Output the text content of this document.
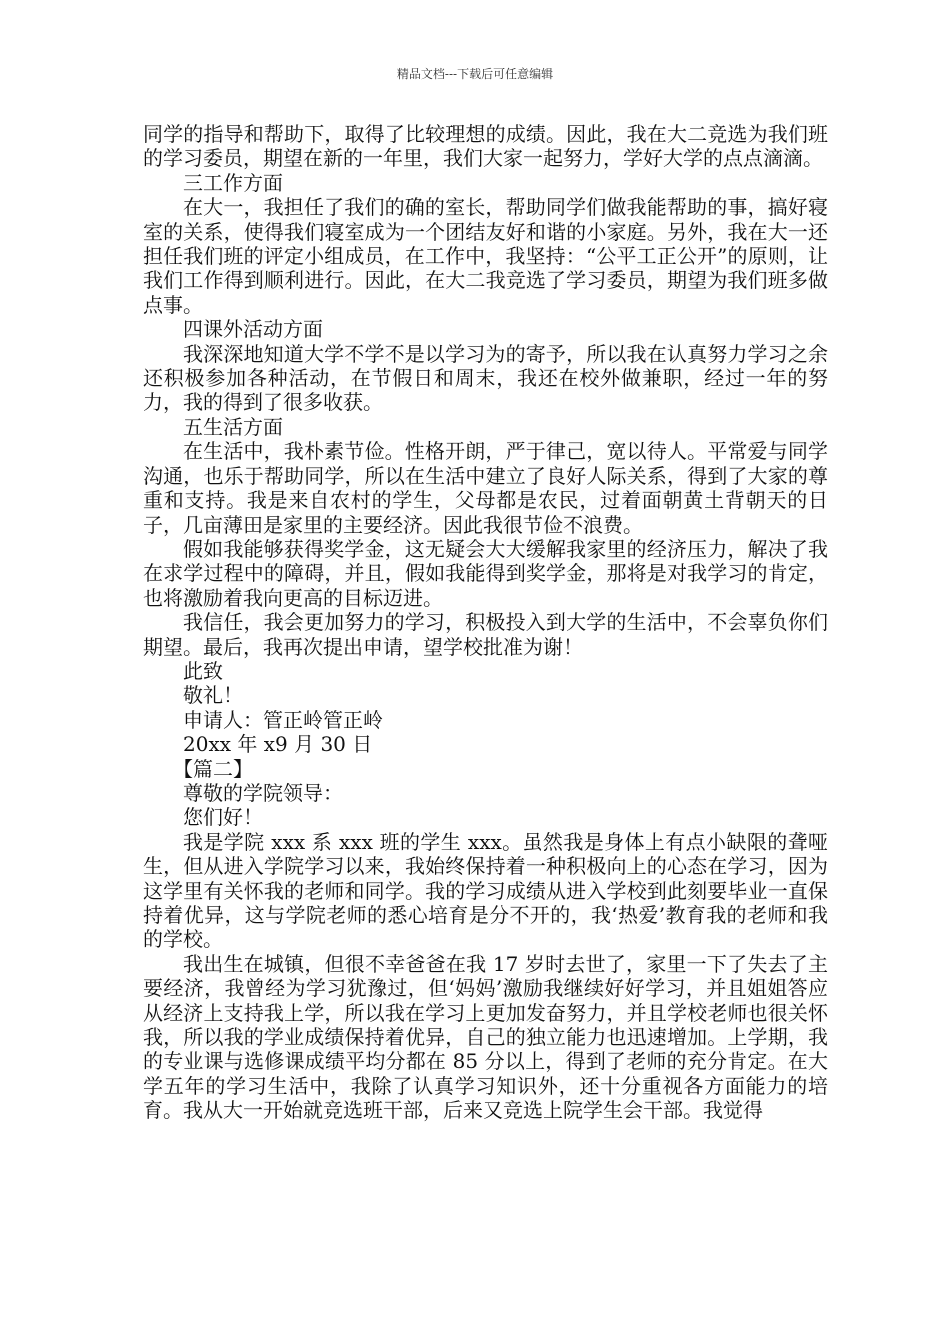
精品文档---下载后可任意编辑

同学的指导和帮助下，取得了比较理想的成绩。因此，我在大二竞选为我们班的学习委员，期望在新的一年里，我们大家一起努力，学好大学的点点滴滴。

三工作方面

在大一，我担任了我们的确的室长，帮助同学们做我能帮助的事，搞好寝室的关系，使得我们寝室成为一个团结友好和谐的小家庭。另外，我在大一还担任我们班的评定小组成员，在工作中，我坚持：“公平工正公开”的原则，让我们工作得到顺利进行。因此，在大二我竞选了学习委员，期望为我们班多做点事。

四课外活动方面

我深深地知道大学不学不是以学习为的寄予，所以我在认真努力学习之余还积极参加各种活动，在节假日和周末，我还在校外做兼职，经过一年的努力，我的得到了很多收获。

五生活方面

在生活中，我朴素节俭。性格开朗，严于律己，宽以待人。平常爱与同学沟通，也乐于帮助同学，所以在生活中建立了良好人际关系，得到了大家的尊重和支持。我是来自农村的学生，父母都是农民，过着面朝黄土背朝天的日子，几亩薄田是家里的主要经济。因此我很节俭不浪费。

假如我能够获得奖学金，这无疑会大大缓解我家里的经济压力，解决了我在求学过程中的障碍，并且，假如我能得到奖学金，那将是对我学习的肯定，也将激励着我向更高的目标迈进。

我信任，我会更加努力的学习，积极投入到大学的生活中，不会辜负你们期望。最后，我再次提出申请，望学校批准为谢！

此致

敬礼！

申请人：管正岭管正岭

20xx 年 x9 月 30 日

【篇二】

尊敬的学院领导：

您们好！

我是学院 xxx 系 xxx 班的学生 xxx。虽然我是身体上有点小缺限的聋哑生，但从进入学院学习以来，我始终保持着一种积极向上的心态在学习，因为这学里有关怀我的老师和同学。我的学习成绩从进入学校到此刻要毕业一直保持着优异，这与学院老师的悉心培育是分不开的，我‘热爱’教育我的老师和我的学校。

我出生在城镇，但很不幸爸爸在我 17 岁时去世了，家里一下了失去了主要经济，我曾经为学习犹豫过，但‘妈妈’激励我继续好好学习，并且姐姐答应从经济上支持我上学，所以我在学习上更加发奋努力，并且学校老师也很关怀我，所以我的学业成绩保持着优异，自己的独立能力也迅速增加。上学期，我的专业课与选修课成绩平均分都在 85 分以上，得到了老师的充分肯定。在大学五年的学习生活中，我除了认真学习知识外，还十分重视各方面能力的培育。我从大一开始就竞选班干部，后来又竞选上院学生会干部。我觉得
